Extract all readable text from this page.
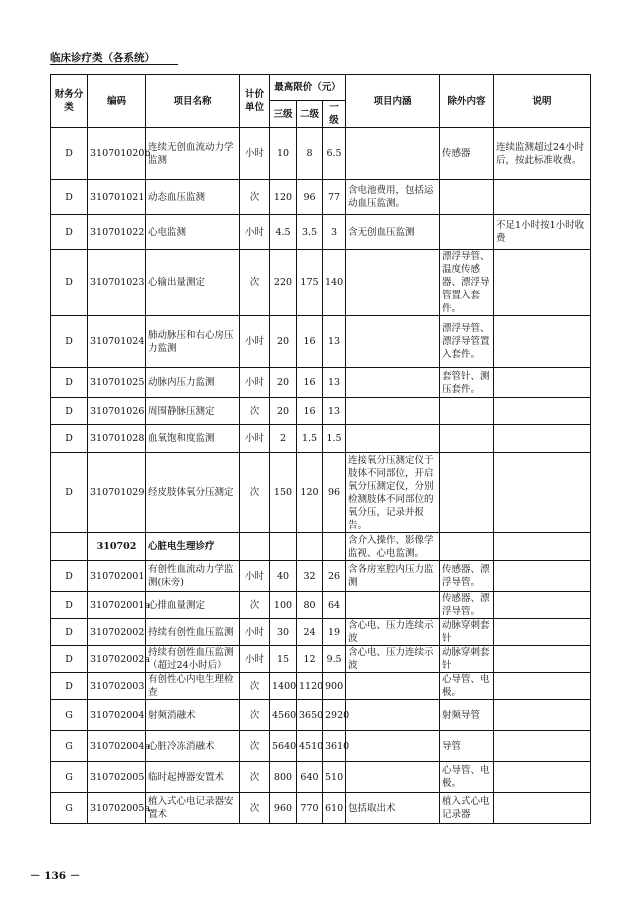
临床诊疗类（各系统）
财务分类	编码	项目名称	计价单位	最高限价（元）			项目内涵	除外内容	说明
				三级	二级	一级			
D	310701020b	连续无创血流动力学监测	小时	10	8	6.5		传感器	连续监测超过24小时后，按此标准收费。
D	310701021	动态血压监测	次	120	96	77	含电池费用，包括运动血压监测。		
D	310701022	心电监测	小时	4.5	3.5	3	含无创血压监测		不足1小时按1小时收费
D	310701023	心输出量测定	次	220	175	140		漂浮导管、温度传感器、漂浮导管置入套件。	
D	310701024	肺动脉压和右心房压力监测	小时	20	16	13		漂浮导管、漂浮导管置入套件。	
D	310701025	动脉内压力监测	小时	20	16	13		套管针、测压套件。	
D	310701026	周围静脉压测定	次	20	16	13			
D	310701028	血氧饱和度监测	小时	2	1.5	1.5			
D	310701029	经皮肢体氧分压测定	次	150	120	96	连接氧分压测定仪于肢体不同部位，开启氧分压测定仪，分别检测肢体不同部位的氧分压，记录并报告。		
	310702	心脏电生理诊疗					含介入操作、影像学监视、心电监测。		
D	310702001	有创性血流动力学监测(床旁)	小时	40	32	26	含各房室腔内压力监测	传感器、漂浮导管。	
D	310702001a	心排血量测定	次	100	80	64		传感器、漂浮导管。	
D	310702002	持续有创性血压监测	小时	30	24	19	含心电、压力连续示波	动脉穿刺套针	
D	310702002a	持续有创性血压监测（超过24小时后）	小时	15	12	9.5	含心电、压力连续示波	动脉穿刺套针	
D	310702003	有创性心内电生理检查	次	1400	1120	900		心导管、电极。	
G	310702004	射频消融术	次	4560	3650	2920		射频导管	
G	310702004a	心脏冷冻消融术	次	5640	4510	3610		导管	
G	310702005	临时起搏器安置术	次	800	640	510		心导管、电极。	
G	310702005a	植入式心电记录器安置术	次	960	770	610	包括取出术	植入式心电记录器	
－ 136 －
